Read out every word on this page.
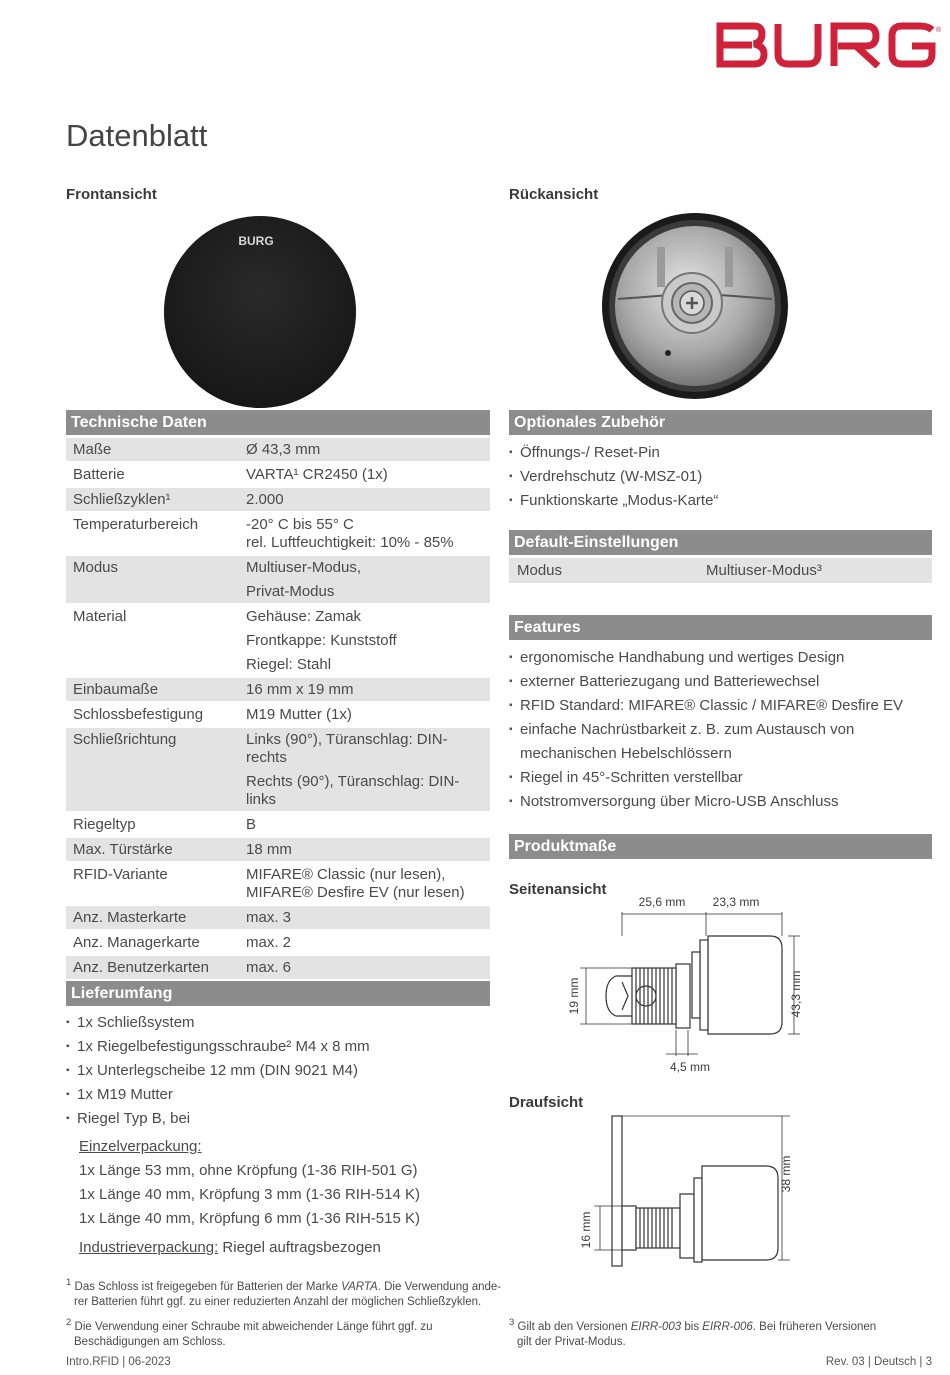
®
Datenblatt
Frontansicht	Rückansicht
BURG
Technische Daten
Maße	Ø 43,3 mm

Batterie	VARTA¹ CR2450 (1x)

Schließzyklen¹	2.000

Temperaturbereich	-20° C bis 55° C
rel. Luftfeuchtigkeit: 10% - 85%

Modus	Multiuser-Modus,
Privat-Modus

Material	Gehäuse: Zamak
Frontkappe: Kunststoff
Riegel: Stahl

Einbaumaße	16 mm x 19 mm

Schlossbefestigung	M19 Mutter (1x)

Schließrichtung	Links (90°), Türanschlag: DIN-rechts
Rechts (90°), Türanschlag: DIN-links

Riegeltyp	B

Max. Türstärke	18 mm

RFID-Variante	MIFARE® Classic (nur lesen),
MIFARE® Desfire EV (nur lesen)

Anz. Masterkarte	max. 3

Anz. Managerkarte	max. 2

Anz. Benutzerkarten	max. 6
Lieferumfang
▪ 1x Schließsystem
▪ 1x Riegelbefestigungsschraube² M4 x 8 mm
▪ 1x Unterlegscheibe 12 mm (DIN 9021 M4)
▪ 1x M19 Mutter
▪ Riegel Typ B, bei
Einzelverpackung:
1x Länge 53 mm, ohne Kröpfung (1-36 RIH-501 G)
1x Länge 40 mm, Kröpfung 3 mm (1-36 RIH-514 K)
1x Länge 40 mm, Kröpfung 6 mm (1-36 RIH-515 K)
Industrieverpackung: Riegel auftragsbezogen
$^1$ Das Schloss ist freigegeben für Batterien der Marke VARTA. Die Verwendung ande-
rer Batterien führt ggf. zu einer reduzierten Anzahl der möglichen Schließzyklen.
$^2$ Die Verwendung einer Schraube mit abweichender Länge führt ggf. zu
Beschädigungen am Schloss.
Optionales Zubehör
▪ Öffnungs-/ Reset-Pin
▪ Verdrehschutz (W-MSZ-01)
▪ Funktionskarte „Modus-Karte“
Default-Einstellungen
Modus	Multiuser-Modus³
Features
▪ ergonomische Handhabung und wertiges Design
▪ externer Batteriezugang und Batteriewechsel
▪ RFID Standard: MIFARE® Classic / MIFARE® Desfire EV
▪ einfache Nachrüstbarkeit z. B. zum Austausch von
mechanischen Hebelschlössern
▪ Riegel in 45°-Schritten verstellbar
▪ Notstromversorgung über Micro-USB Anschluss
Produktmaße
Seitenansicht
Draufsicht
25,6 mm 23,3 mm
19 mm	43,3 mm
4,5 mm
38 mm
16 mm
$^3$ Gilt ab den Versionen EIRR-003 bis EIRR-006. Bei früheren Versionen
gilt der Privat-Modus.
Intro.RFID | 06-2023	Rev. 03 | Deutsch | 3
